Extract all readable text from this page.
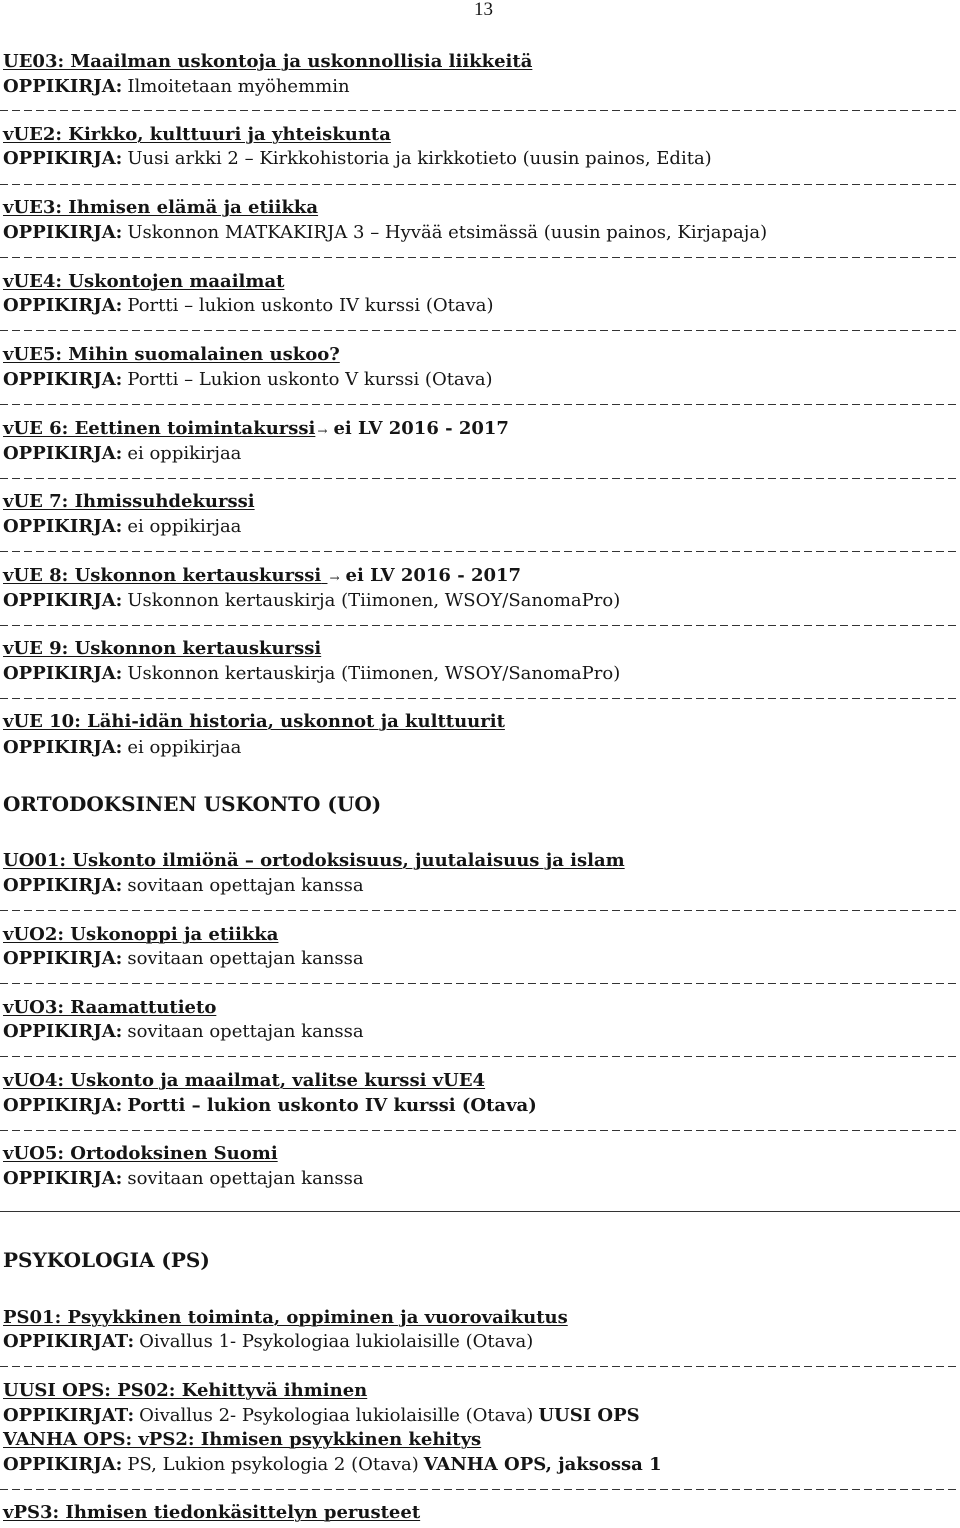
13
UE03: Maailman uskontoja ja uskonnollisia liikkeitä
OPPIKIRJA: Ilmoitetaan myöhemmin
vUE2: Kirkko, kulttuuri ja yhteiskunta
OPPIKIRJA: Uusi arkki 2 – Kirkkohistoria ja kirkkotieto (uusin painos, Edita)
vUE3: Ihmisen elämä ja etiikka
OPPIKIRJA: Uskonnon MATKAKIRJA 3 – Hyvää etsimässä (uusin painos, Kirjapaja)
vUE4: Uskontojen maailmat
OPPIKIRJA: Portti – lukion uskonto IV kurssi (Otava)
vUE5: Mihin suomalainen uskoo?
OPPIKIRJA: Portti – Lukion uskonto V kurssi (Otava)
vUE 6: Eettinen toimintakurssi → ei LV 2016 - 2017
OPPIKIRJA: ei oppikirjaa
vUE 7: Ihmissuhdekurssi
OPPIKIRJA: ei oppikirjaa
vUE 8: Uskonnon kertauskurssi → ei LV 2016 - 2017
OPPIKIRJA: Uskonnon kertauskirja (Tiimonen, WSOY/SanomaPro)
vUE 9: Uskonnon kertauskurssi
OPPIKIRJA: Uskonnon kertauskirja (Tiimonen, WSOY/SanomaPro)
vUE 10: Lähi-idän historia, uskonnot ja kulttuurit
OPPIKIRJA: ei oppikirjaa
ORTODOKSINEN USKONTO (UO)
UO01: Uskonto ilmiönä – ortodoksisuus, juutalaisuus ja islam
OPPIKIRJA: sovitaan opettajan kanssa
vUO2: Uskonoppi ja etiikka
OPPIKIRJA: sovitaan opettajan kanssa
vUO3: Raamattutieto
OPPIKIRJA: sovitaan opettajan kanssa
vUO4: Uskonto ja maailmat, valitse kurssi vUE4
OPPIKIRJA: Portti – lukion uskonto IV kurssi (Otava)
vUO5: Ortodoksinen Suomi
OPPIKIRJA: sovitaan opettajan kanssa
PSYKOLOGIA (PS)
PS01: Psyykkinen toiminta, oppiminen ja vuorovaikutus
OPPIKIRJAT: Oivallus 1- Psykologiaa lukiolaisille (Otava)
UUSI OPS: PS02: Kehittyvä ihminen
OPPIKIRJAT: Oivallus 2- Psykologiaa lukiolaisille (Otava) UUSI OPS
VANHA OPS: vPS2: Ihmisen psyykkinen kehitys
OPPIKIRJA: PS, Lukion psykologia 2 (Otava) VANHA OPS, jaksossa 1
vPS3: Ihmisen tiedonkäsittelyn perusteet
